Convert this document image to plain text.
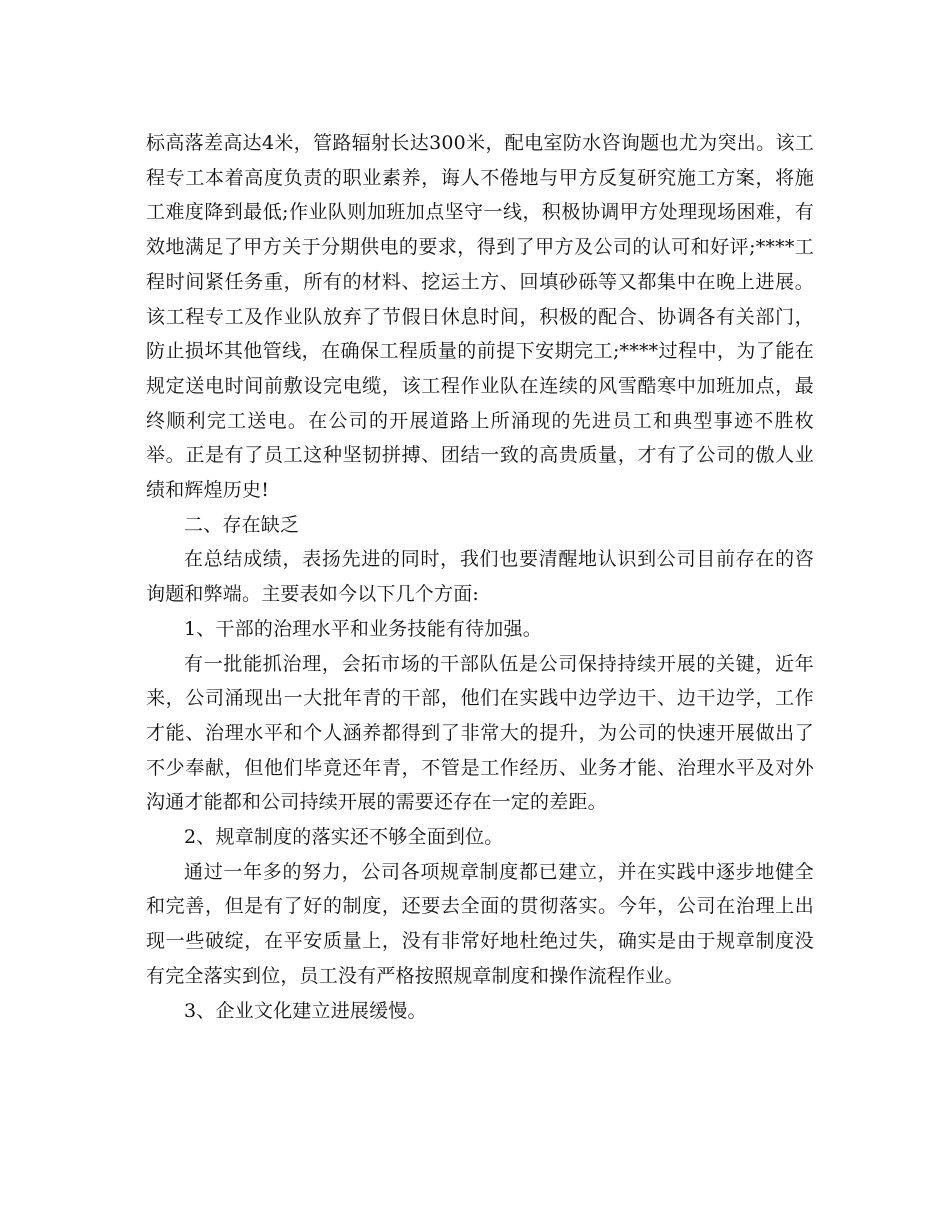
标高落差高达4米，管路辐射长达300米，配电室防水咨询题也尤为突出。该工程专工本着高度负责的职业素养，诲人不倦地与甲方反复研究施工方案，将施工难度降到最低;作业队则加班加点坚守一线，积极协调甲方处理现场困难，有效地满足了甲方关于分期供电的要求，得到了甲方及公司的认可和好评;****工程时间紧任务重，所有的材料、挖运土方、回填砂砾等又都集中在晚上进展。该工程专工及作业队放弃了节假日休息时间，积极的配合、协调各有关部门，防止损坏其他管线，在确保工程质量的前提下安期完工;****过程中，为了能在规定送电时间前敷设完电缆，该工程作业队在连续的风雪酷寒中加班加点，最终顺利完工送电。在公司的开展道路上所涌现的先进员工和典型事迹不胜枚举。正是有了员工这种坚韧拼搏、团结一致的高贵质量，才有了公司的傲人业绩和辉煌历史!

二、存在缺乏

在总结成绩，表扬先进的同时，我们也要清醒地认识到公司目前存在的咨询题和弊端。主要表如今以下几个方面:

1、干部的治理水平和业务技能有待加强。

有一批能抓治理，会拓市场的干部队伍是公司保持持续开展的关键，近年来，公司涌现出一大批年青的干部，他们在实践中边学边干、边干边学，工作才能、治理水平和个人涵养都得到了非常大的提升，为公司的快速开展做出了不少奉献，但他们毕竟还年青，不管是工作经历、业务才能、治理水平及对外沟通才能都和公司持续开展的需要还存在一定的差距。

2、规章制度的落实还不够全面到位。

通过一年多的努力，公司各项规章制度都已建立，并在实践中逐步地健全和完善，但是有了好的制度，还要去全面的贯彻落实。今年，公司在治理上出现一些破绽，在平安质量上，没有非常好地杜绝过失，确实是由于规章制度没有完全落实到位，员工没有严格按照规章制度和操作流程作业。

3、企业文化建立进展缓慢。
